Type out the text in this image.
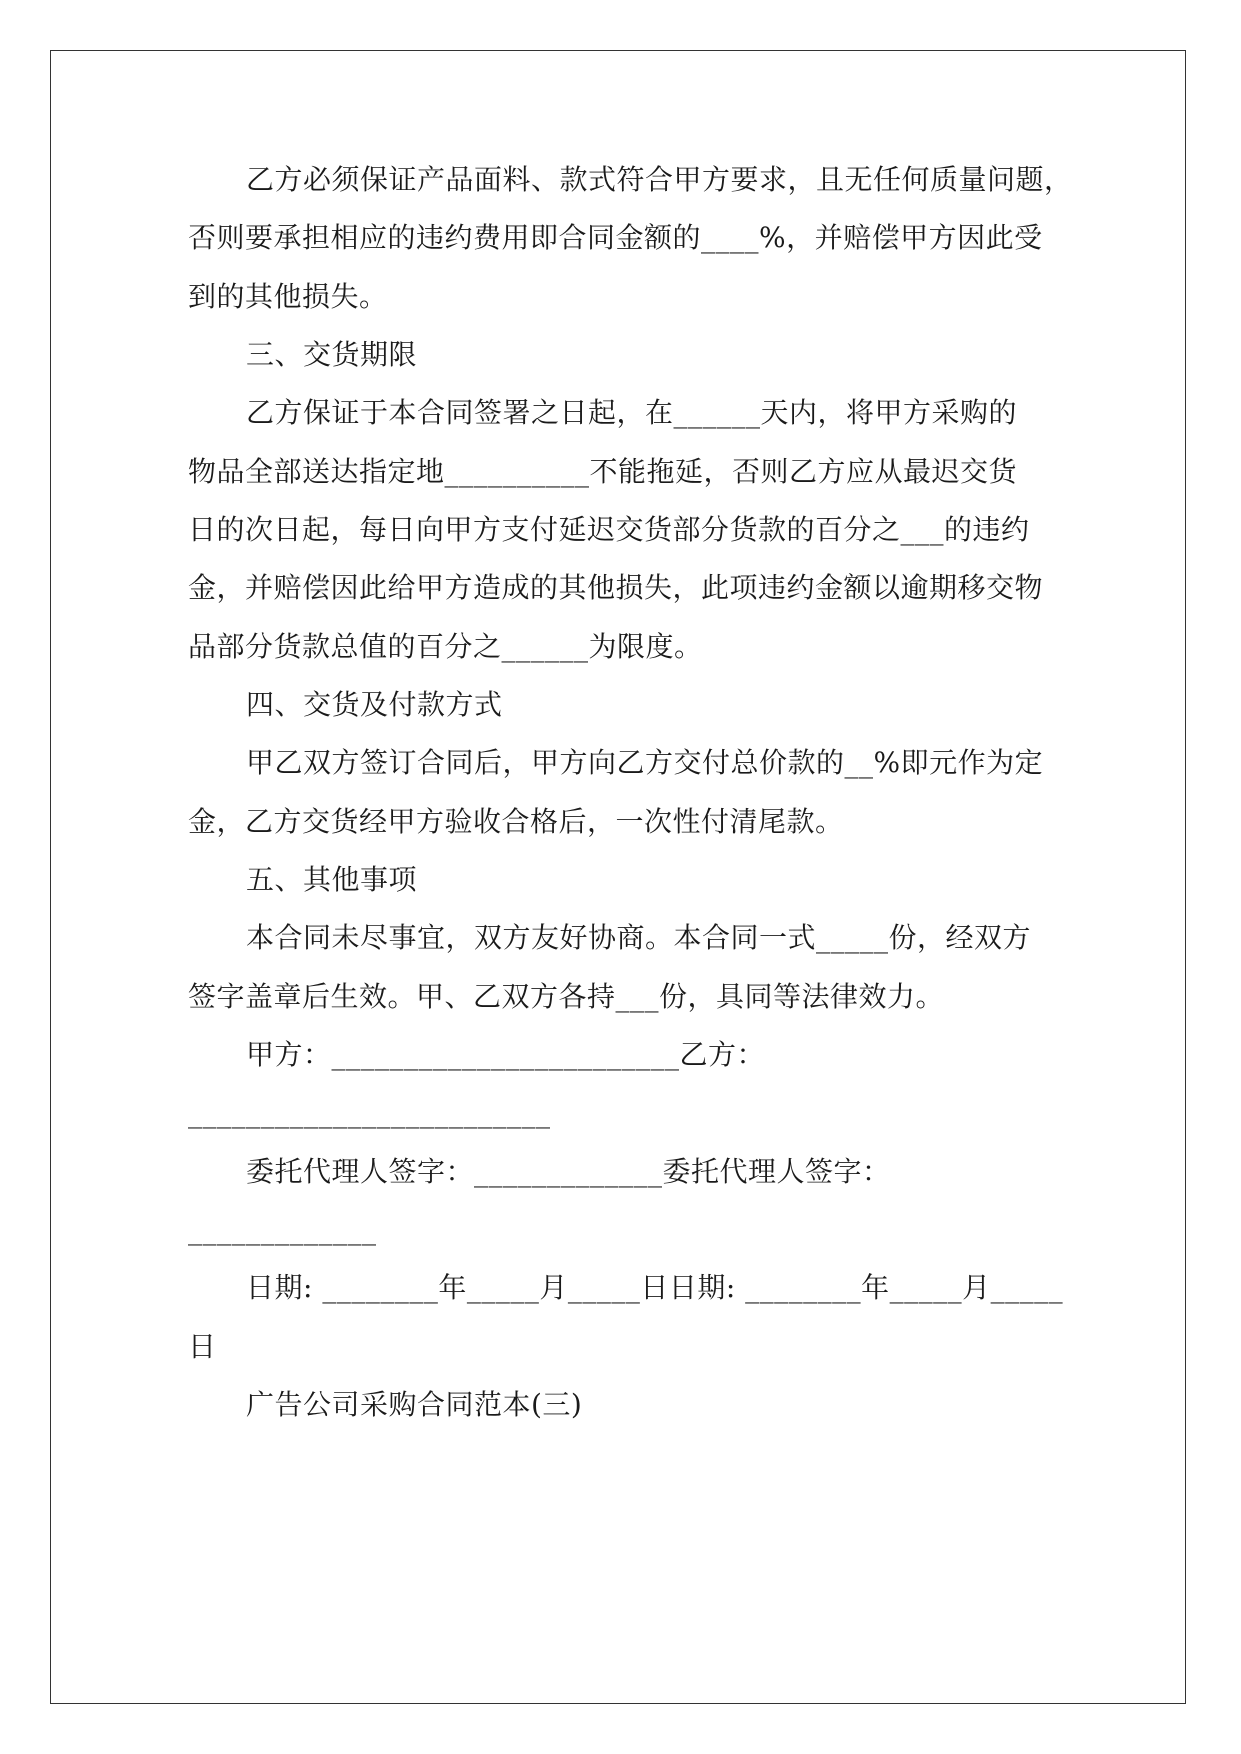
乙方必须保证产品面料、款式符合甲方要求，且无任何质量问题，
否则要承担相应的违约费用即合同金额的____%，并赔偿甲方因此受
到的其他损失。
三、交货期限
乙方保证于本合同签署之日起，在______天内，将甲方采购的
物品全部送达指定地__________不能拖延，否则乙方应从最迟交货
日的次日起，每日向甲方支付延迟交货部分货款的百分之___的违约
金，并赔偿因此给甲方造成的其他损失，此项违约金额以逾期移交物
品部分货款总值的百分之______为限度。
四、交货及付款方式
甲乙双方签订合同后，甲方向乙方交付总价款的__%即元作为定
金，乙方交货经甲方验收合格后，一次性付清尾款。
五、其他事项
本合同未尽事宜，双方友好协商。本合同一式_____份，经双方
签字盖章后生效。甲、乙双方各持___份，具同等法律效力。
甲方：________________________乙方：
_________________________
委托代理人签字：_____________委托代理人签字：
_____________
日期: ________年_____月_____日日期: ________年_____月_____
日
广告公司采购合同范本(三)
